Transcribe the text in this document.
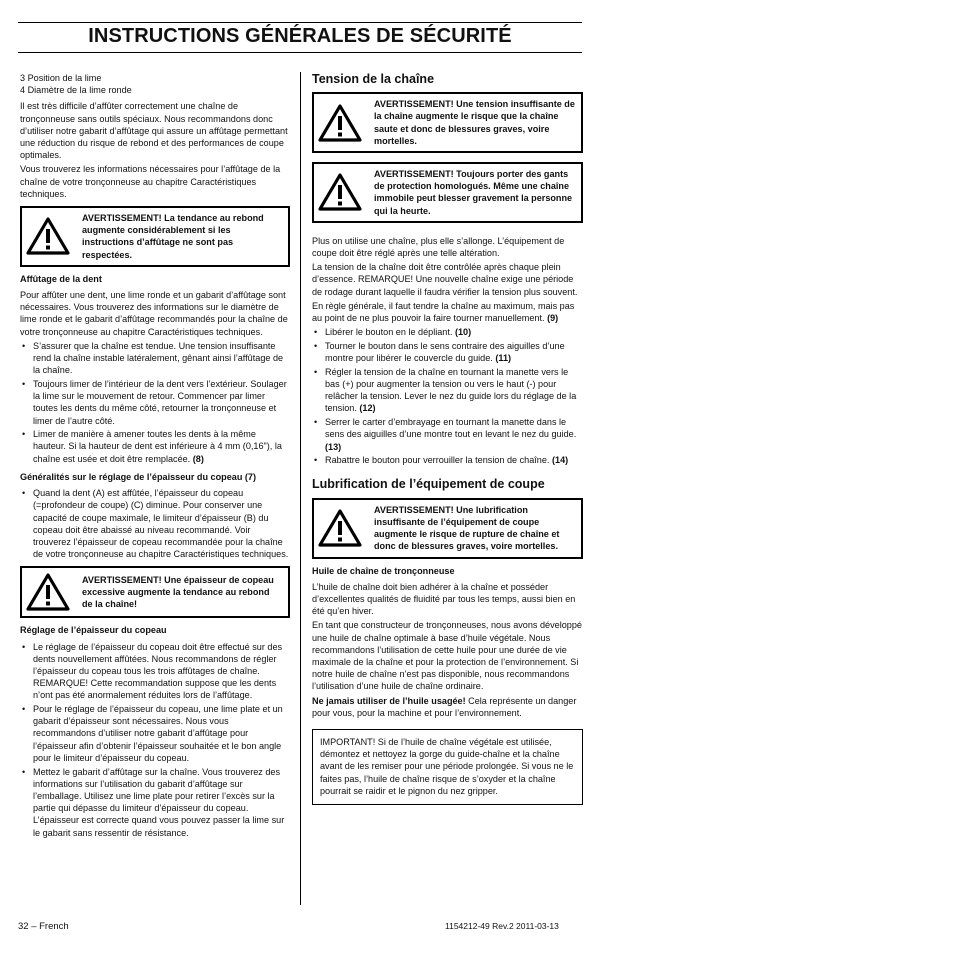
INSTRUCTIONS GÉNÉRALES DE SÉCURITÉ
3 Position de la lime
4 Diamètre de la lime ronde

Il est très difficile d’affûter correctement une chaîne de tronçonneuse sans outils spéciaux. Nous recommandons donc d’utiliser notre gabarit d’affûtage qui assure un affûtage permettant une réduction du risque de rebond et des performances de coupe optimales.

Vous trouverez les informations nécessaires pour l’affûtage de la chaîne de votre tronçonneuse au chapitre Caractéristiques techniques.

AVERTISSEMENT! La tendance au rebond augmente considérablement si les instructions d’affûtage ne sont pas respectées.
Affûtage de la dent

Pour affûter une dent, une lime ronde et un gabarit d’affûtage sont nécessaires. Vous trouverez des informations sur le diamètre de lime ronde et le gabarit d’affûtage recommandés pour la chaîne de votre tronçonneuse au chapitre Caractéristiques techniques.

• S’assurer que la chaîne est tendue. Une tension insuffisante rend la chaîne instable latéralement, gênant ainsi l’affûtage de la chaîne.
• Toujours limer de l’intérieur de la dent vers l’extérieur. Soulager la lime sur le mouvement de retour. Commencer par limer toutes les dents du même côté, retourner la tronçonneuse et limer de l’autre côté.
• Limer de manière à amener toutes les dents à la même hauteur. Si la hauteur de dent est inférieure à 4 mm (0,16"), la chaîne est usée et doit être remplacée. (8)
Généralités sur le réglage de l’épaisseur du copeau (7)
• Quand la dent (A) est affûtée, l’épaisseur du copeau (=profondeur de coupe) (C) diminue. Pour conserver une capacité de coupe maximale, le limiteur d’épaisseur (B) du copeau doit être abaissé au niveau recommandé. Voir trouverez l’épaisseur de copeau recommandée pour la chaîne de votre tronçonneuse au chapitre Caractéristiques techniques.
AVERTISSEMENT! Une épaisseur de copeau excessive augmente la tendance au rebond de la chaîne!
Réglage de l’épaisseur du copeau
• Le réglage de l’épaisseur du copeau doit être effectué sur des dents nouvellement affûtées. Nous recommandons de régler l’épaisseur du copeau tous les trois affûtages de chaîne. REMARQUE! Cette recommandation suppose que les dents n’ont pas été anormalement réduites lors de l’affûtage.
• Pour le réglage de l’épaisseur du copeau, une lime plate et un gabarit d’épaisseur sont nécessaires. Nous vous recommandons d’utiliser notre gabarit d’affûtage pour l’épaisseur afin d’obtenir l’épaisseur souhaitée et le bon angle pour le limiteur d’épaisseur du copeau.
• Mettez le gabarit d’affûtage sur la chaîne. Vous trouverez des informations sur l’utilisation du gabarit d’affûtage sur l’emballage. Utilisez une lime plate pour retirer l’excès sur la partie qui dépasse du limiteur d’épaisseur du copeau. L’épaisseur est correcte quand vous pouvez passer la lime sur le gabarit sans ressentir de résistance.
Tension de la chaîne
AVERTISSEMENT! Une tension insuffisante de la chaîne augmente le risque que la chaîne saute et donc de blessures graves, voire mortelles.
AVERTISSEMENT! Toujours porter des gants de protection homologués. Même une chaîne immobile peut blesser gravement la personne qui la heurte.

Plus on utilise une chaîne, plus elle s’allonge. L’équipement de coupe doit être réglé après une telle altération.

La tension de la chaîne doit être contrôlée après chaque plein d’essence. REMARQUE! Une nouvelle chaîne exige une période de rodage durant laquelle il faudra vérifier la tension plus souvent.

En règle générale, il faut tendre la chaîne au maximum, mais pas au point de ne plus pouvoir la faire tourner manuellement. (9)

• Libérer le bouton en le dépliant. (10)
• Tourner le bouton dans le sens contraire des aiguilles d’une montre pour libérer le couvercle du guide. (11)
• Régler la tension de la chaîne en tournant la manette vers le bas (+) pour augmenter la tension ou vers le haut (-) pour relâcher la tension. Lever le nez du guide lors du réglage de la tension. (12)
• Serrer le carter d’embrayage en tournant la manette dans le sens des aiguilles d’une montre tout en levant le nez du guide. (13)
• Rabattre le bouton pour verrouiller la tension de chaîne. (14)
Lubrification de l’équipement de coupe
AVERTISSEMENT! Une lubrification insuffisante de l’équipement de coupe augmente le risque de rupture de chaîne et donc de blessures graves, voire mortelles.
Huile de chaîne de tronçonneuse

L’huile de chaîne doit bien adhérer à la chaîne et posséder d’excellentes qualités de fluidité par tous les temps, aussi bien en été qu’en hiver.

En tant que constructeur de tronçonneuses, nous avons développé une huile de chaîne optimale à base d’huile végétale. Nous recommandons l’utilisation de cette huile pour une durée de vie maximale de la chaîne et pour la protection de l’environnement. Si notre huile de chaîne n’est pas disponible, nous recommandons l’utilisation d’une huile de chaîne ordinaire.

Ne jamais utiliser de l’huile usagée! Cela représente un danger pour vous, pour la machine et pour l’environnement.

IMPORTANT! Si de l’huile de chaîne végétale est utilisée, démontez et nettoyez la gorge du guide-chaîne et la chaîne avant de les remiser pour une période prolongée. Si vous ne le faites pas, l’huile de chaîne risque de s’oxyder et la chaîne pourrait se raidir et le pignon du nez gripper.
32 – French	1154212-49 Rev.2 2011-03-13
